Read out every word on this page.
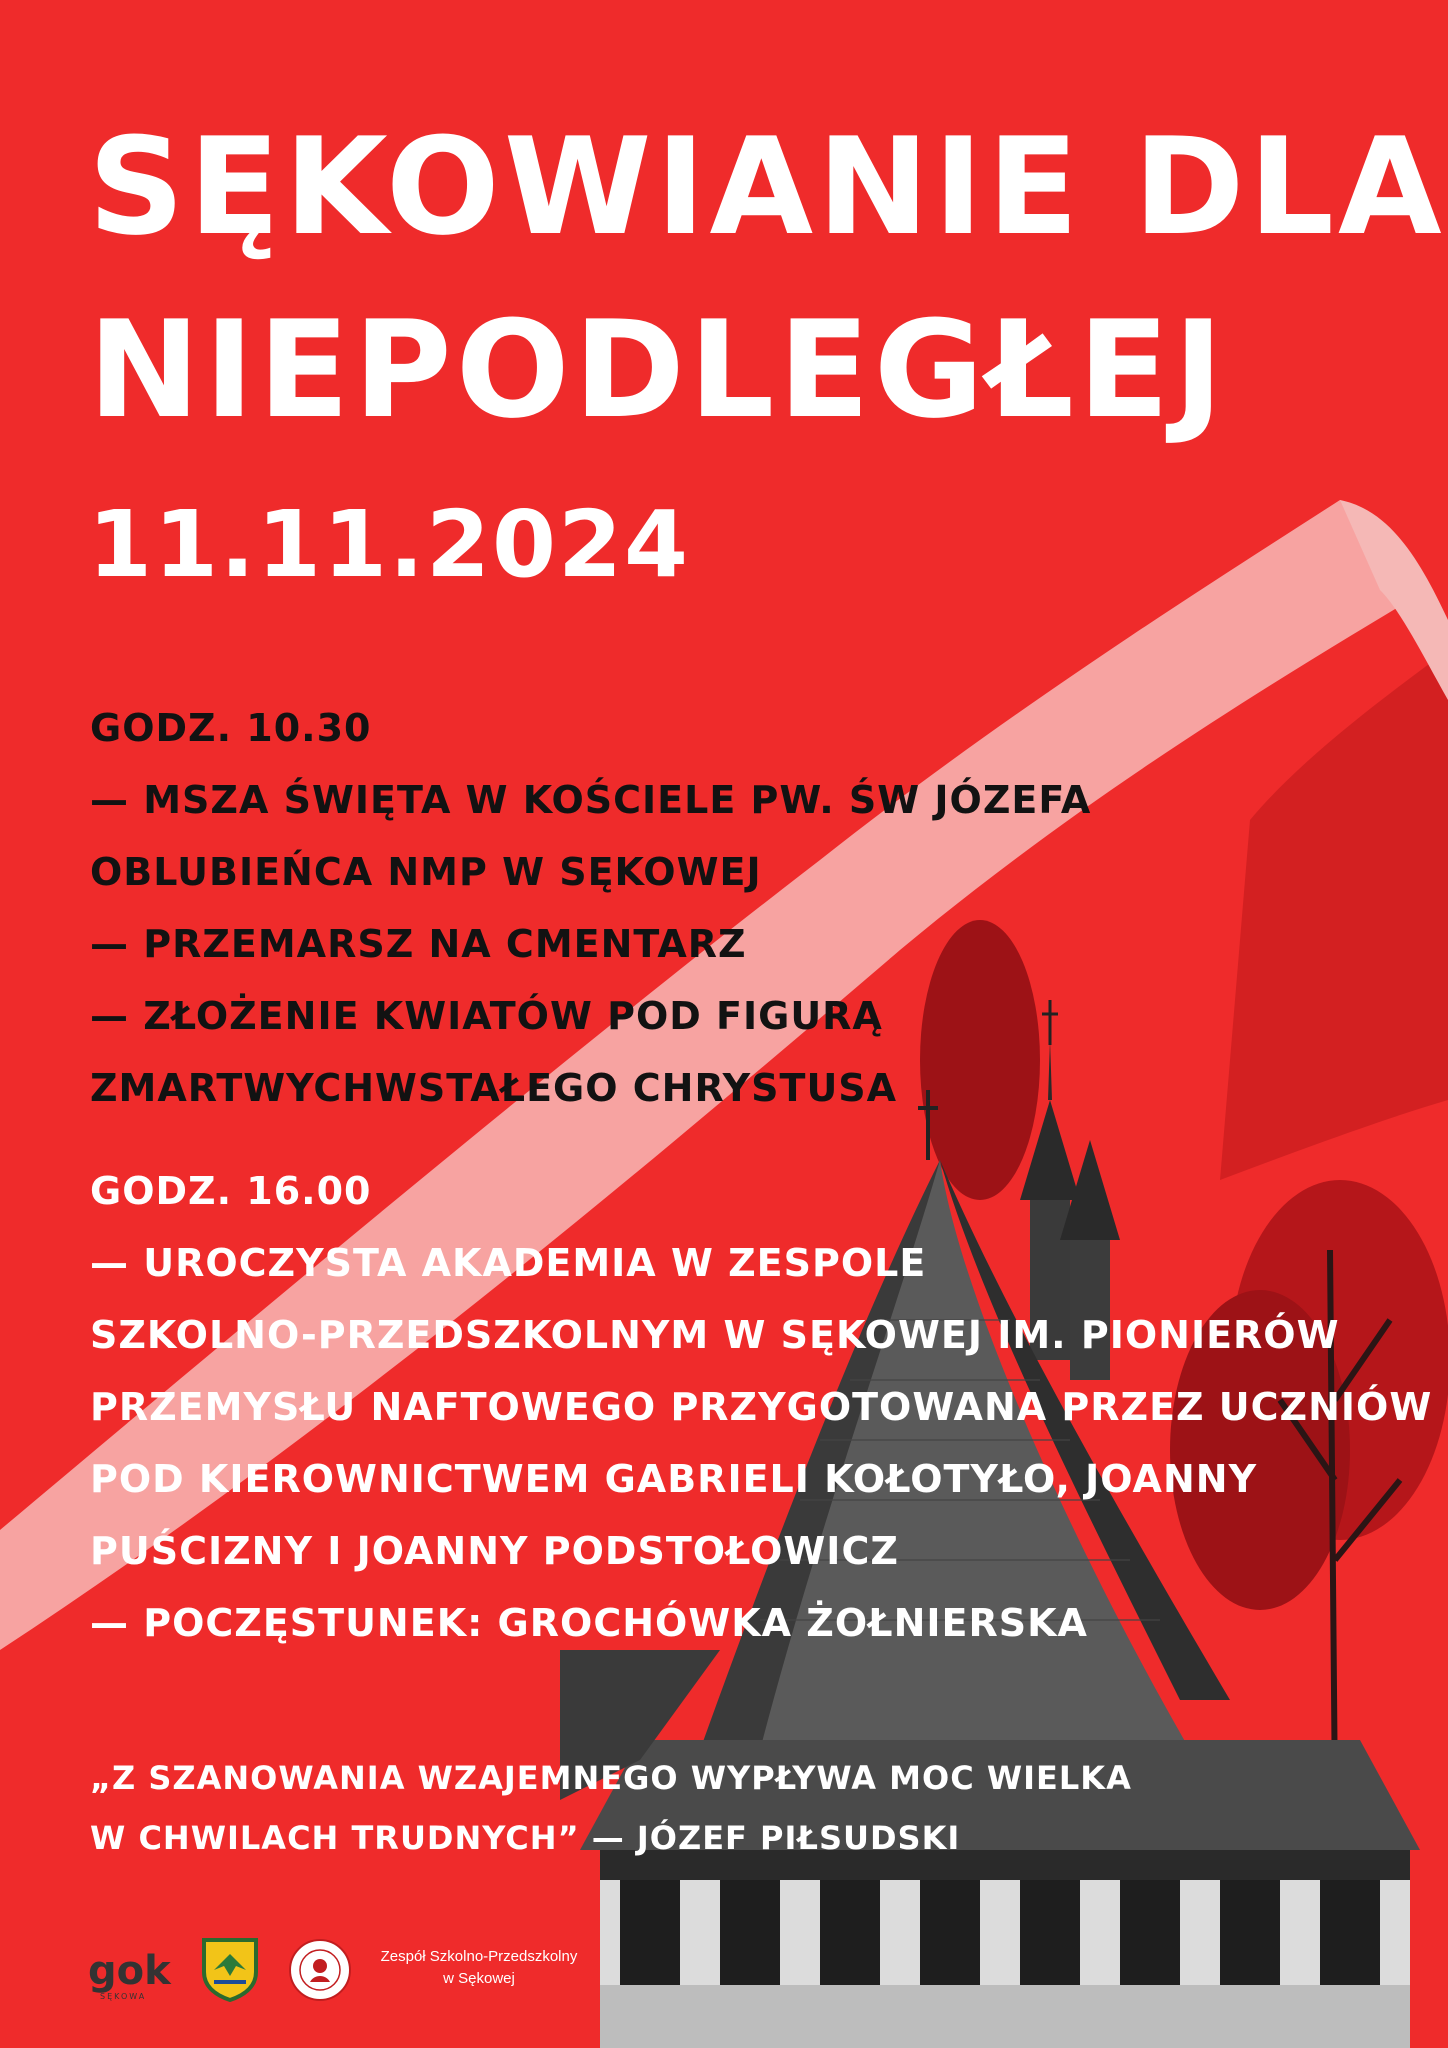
SĘKOWIANIE DLA
NIEPODLEGŁEJ
11.11.2024
GODZ. 10.30
— MSZA ŚWIĘTA W KOŚCIELE PW. ŚW JÓZEFA
OBLUBIEŃCA NMP W SĘKOWEJ
— PRZEMARSZ NA CMENTARZ
— ZŁOŻENIE KWIATÓW POD FIGURĄ
ZMARTWYCHWSTAŁEGO CHRYSTUSA
GODZ. 16.00
— UROCZYSTA AKADEMIA W ZESPOLE
SZKOLNO-PRZEDSZKOLNYM W SĘKOWEJ IM. PIONIERÓW
PRZEMYSŁU NAFTOWEGO PRZYGOTOWANA PRZEZ UCZNIÓW
POD KIEROWNICTWEM GABRIELI KOŁOTYŁO, JOANNY
PUŚCIZNY I JOANNY PODSTOŁOWICZ
— POCZĘSTUNEK: GROCHÓWKA ŻOŁNIERSKA
„Z SZANOWANIA WZAJEMNEGO WYPŁYWA MOC WIELKA
W CHWILACH TRUDNYCH” — JÓZEF PIŁSUDSKI
gok
SĘKOWA
Zespół Szkolno-Przedszkolny
w Sękowej
